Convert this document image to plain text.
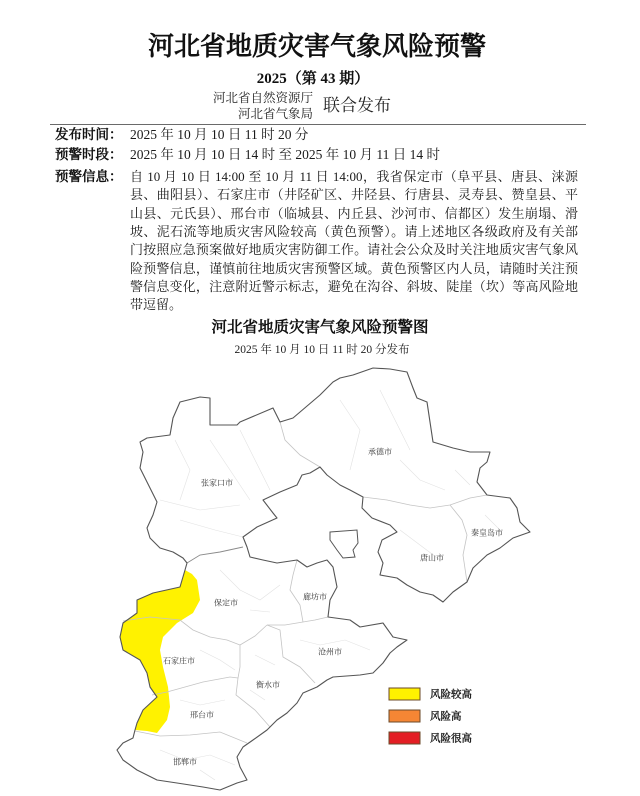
河北省地质灾害气象风险预警
2025（第 43 期）
河北省自然资源厅
河北省气象局 联合发布
发布时间： 2025 年 10 月 10 日 11 时 20 分
预警时段： 2025 年 10 月 10 日 14 时 至 2025 年 10 月 11 日 14 时
预警信息： 自 10 月 10 日 14:00 至 10 月 11 日 14:00，我省保定市（阜平县、唐县、涞源
县、曲阳县）、石家庄市（井陉矿区、井陉县、行唐县、灵寿县、赞皇县、平
山县、元氏县）、邢台市（临城县、内丘县、沙河市、信都区）发生崩塌、滑
坡、泥石流等地质灾害风险较高（黄色预警）。请上述地区各级政府及有关部
门按照应急预案做好地质灾害防御工作。请社会公众及时关注地质灾害气象风
险预警信息，谨慎前往地质灾害预警区域。黄色预警区内人员，请随时关注预
警信息变化，注意附近警示标志，避免在沟谷、斜坡、陡崖（坎）等高风险地
带逗留。
河北省地质灾害气象风险预警图
2025 年 10 月 10 日 11 时 20 分发布
张家口市
承德市
秦皇岛市
唐山市
保定市
廊坊市
沧州市
石家庄市
衡水市
邢台市
邯郸市
风险较高
风险高
风险很高
